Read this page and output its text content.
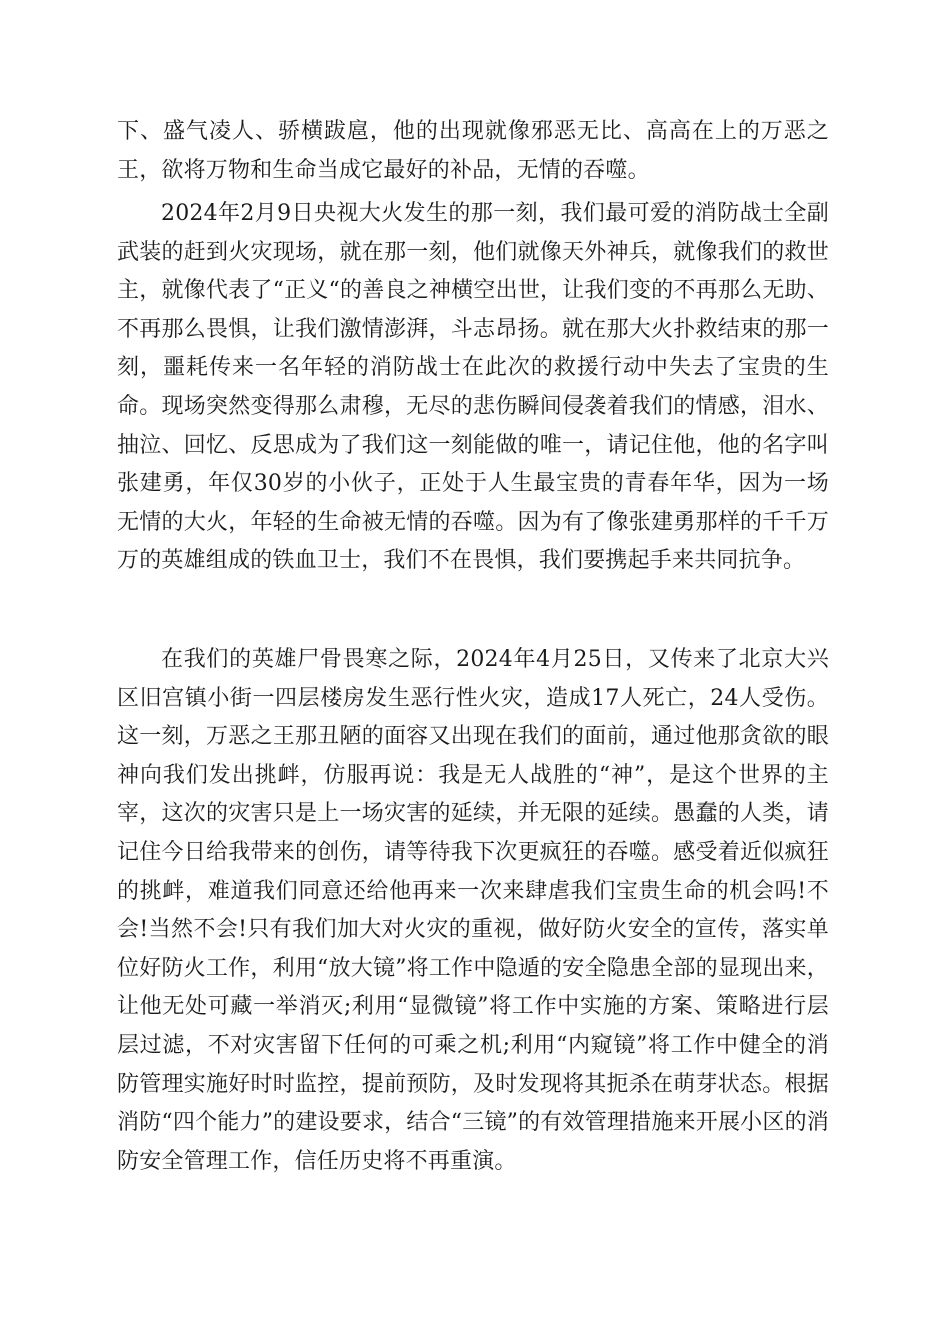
下、盛气凌人、骄横跋扈，他的出现就像邪恶无比、高高在上的万恶之王，欲将万物和生命当成它最好的补品，无情的吞噬。

2024年2月9日央视大火发生的那一刻，我们最可爱的消防战士全副武装的赶到火灾现场，就在那一刻，他们就像天外神兵，就像我们的救世主，就像代表了“正义“的善良之神横空出世，让我们变的不再那么无助、不再那么畏惧，让我们激情澎湃，斗志昂扬。就在那大火扑救结束的那一刻，噩耗传来一名年轻的消防战士在此次的救援行动中失去了宝贵的生命。现场突然变得那么肃穆，无尽的悲伤瞬间侵袭着我们的情感，泪水、抽泣、回忆、反思成为了我们这一刻能做的唯一，请记住他，他的名字叫张建勇，年仅30岁的小伙子，正处于人生最宝贵的青春年华，因为一场无情的大火，年轻的生命被无情的吞噬。因为有了像张建勇那样的千千万万的英雄组成的铁血卫士，我们不在畏惧，我们要携起手来共同抗争。

在我们的英雄尸骨畏寒之际，2024年4月25日，又传来了北京大兴区旧宫镇小街一四层楼房发生恶行性火灾，造成17人死亡，24人受伤。这一刻，万恶之王那丑陋的面容又出现在我们的面前，通过他那贪欲的眼神向我们发出挑衅，仿服再说：我是无人战胜的“神”，是这个世界的主宰，这次的灾害只是上一场灾害的延续，并无限的延续。愚蠢的人类，请记住今日给我带来的创伤，请等待我下次更疯狂的吞噬。感受着近似疯狂的挑衅，难道我们同意还给他再来一次来肆虐我们宝贵生命的机会吗!不会!当然不会!只有我们加大对火灾的重视，做好防火安全的宣传，落实单位好防火工作，利用“放大镜”将工作中隐遁的安全隐患全部的显现出来，让他无处可藏一举消灭;利用“显微镜”将工作中实施的方案、策略进行层层过滤，不对灾害留下任何的可乘之机;利用“内窥镜”将工作中健全的消防管理实施好时时监控，提前预防，及时发现将其扼杀在萌芽状态。根据消防“四个能力”的建设要求，结合“三镜”的有效管理措施来开展小区的消防安全管理工作，信任历史将不再重演。
